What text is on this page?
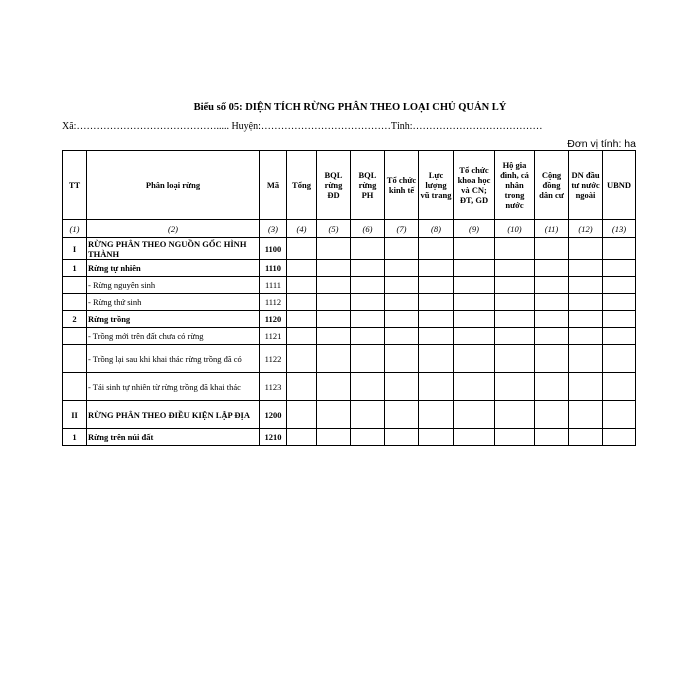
Biểu số 05: DIỆN TÍCH RỪNG PHÂN THEO LOẠI CHỦ QUẢN LÝ
Xã:……………………………………..... Huyện:…………………………………Tỉnh:…………………………………
Đơn vị tính: ha
TT	Phân loại rừng	Mã	Tổng	BQL rừng ĐD	BQL rừng PH	Tổ chức kinh tế	Lực lượng vũ trang	Tổ chức khoa học và CN; ĐT, GD	Hộ gia đình, cá nhân trong nước	Cộng đồng dân cư	DN đầu tư nước ngoài	UBND
(1)	(2)	(3)	(4)	(5)	(6)	(7)	(8)	(9)	(10)	(11)	(12)	(13)
I	RỪNG PHÂN THEO NGUỒN GỐC HÌNH THÀNH	1100										
1	Rừng tự nhiên	1110										
	- Rừng nguyên sinh	1111										
	- Rừng thứ sinh	1112										
2	Rừng trồng	1120										
	- Trồng mới trên đất chưa có rừng	1121										
	- Trồng lại sau khi khai thác rừng trồng đã có	1122										
	- Tái sinh tự nhiên từ rừng trồng đã khai thác	1123										
II	RỪNG PHÂN THEO ĐIỀU KIỆN LẬP ĐỊA	1200										
1	Rừng trên núi đất	1210										
